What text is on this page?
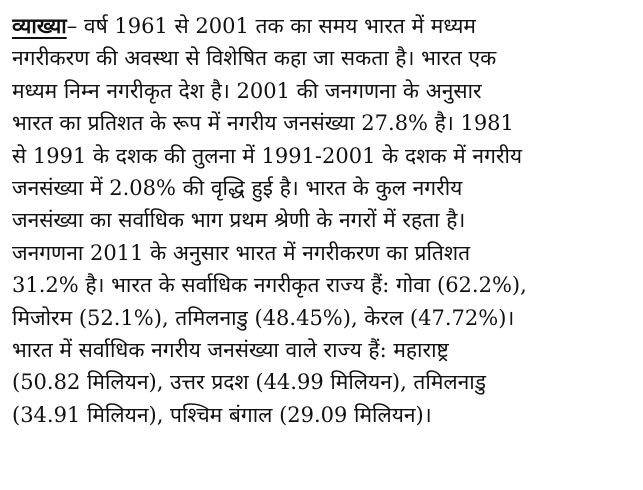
व्याख्या– वर्ष 1961 से 2001 तक का समय भारत में मध्यम
नगरीकरण की अवस्था से विशेषित कहा जा सकता है। भारत एक
मध्यम निम्न नगरीकृत देश है। 2001 की जनगणना के अनुसार
भारत का प्रतिशत के रूप में नगरीय जनसंख्या 27.8% है। 1981
से 1991 के दशक की तुलना में 1991-2001 के दशक में नगरीय
जनसंख्या में 2.08% की वृद्धि हुई है। भारत के कुल नगरीय
जनसंख्या का सर्वाधिक भाग प्रथम श्रेणी के नगरों में रहता है।
जनगणना 2011 के अनुसार भारत में नगरीकरण का प्रतिशत
31.2% है। भारत के सर्वाधिक नगरीकृत राज्य हैं: गोवा (62.2%),
मिजोरम (52.1%), तमिलनाडु (48.45%), केरल (47.72%)।
भारत में सर्वाधिक नगरीय जनसंख्या वाले राज्य हैं: महाराष्ट्र
(50.82 मिलियन), उत्तर प्रदश (44.99 मिलियन), तमिलनाडु
(34.91 मिलियन), पश्चिम बंगाल (29.09 मिलियन)।
